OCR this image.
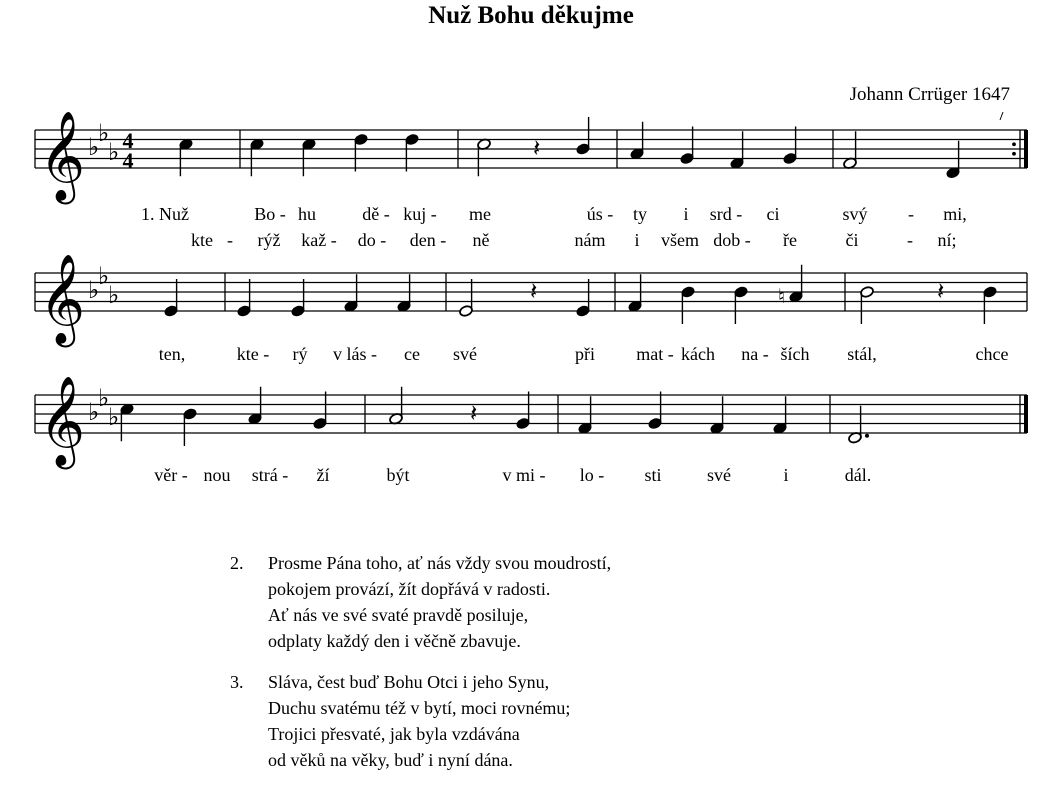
Nuž Bohu děkujme
Johann Crrüger 1647
𝄞 ♭
♭
♭ 4
4	𝄽
1. Nuž	Bo - hu	dě - kuj - me	ús - ty i srd - ci	svý - mi,
kte - rýž kaž - do - den - ně	nám i všem dob - ře	či	- ní;
𝄞 ♭
♭
♭	𝄽	♮	𝄽
ten,	kte - rý v lás - ce své	při mat - kách na - ších stál,	chce
𝄞 ♭
♭
♭	𝄽
věr - nou strá - ží	být	v mi - lo - sti	své	i	dál.
2.	Prosme Pána toho, ať nás vždy svou moudrostí,
pokojem provází, žít dopřává v radosti.
Ať nás ve své svaté pravdě posiluje,
odplaty každý den i věčně zbavuje.
3.	Sláva, čest buď Bohu Otci i jeho Synu,
Duchu svatému též v bytí, moci rovnému;
Trojici přesvaté, jak byla vzdávána
od věků na věky, buď i nyní dána.
